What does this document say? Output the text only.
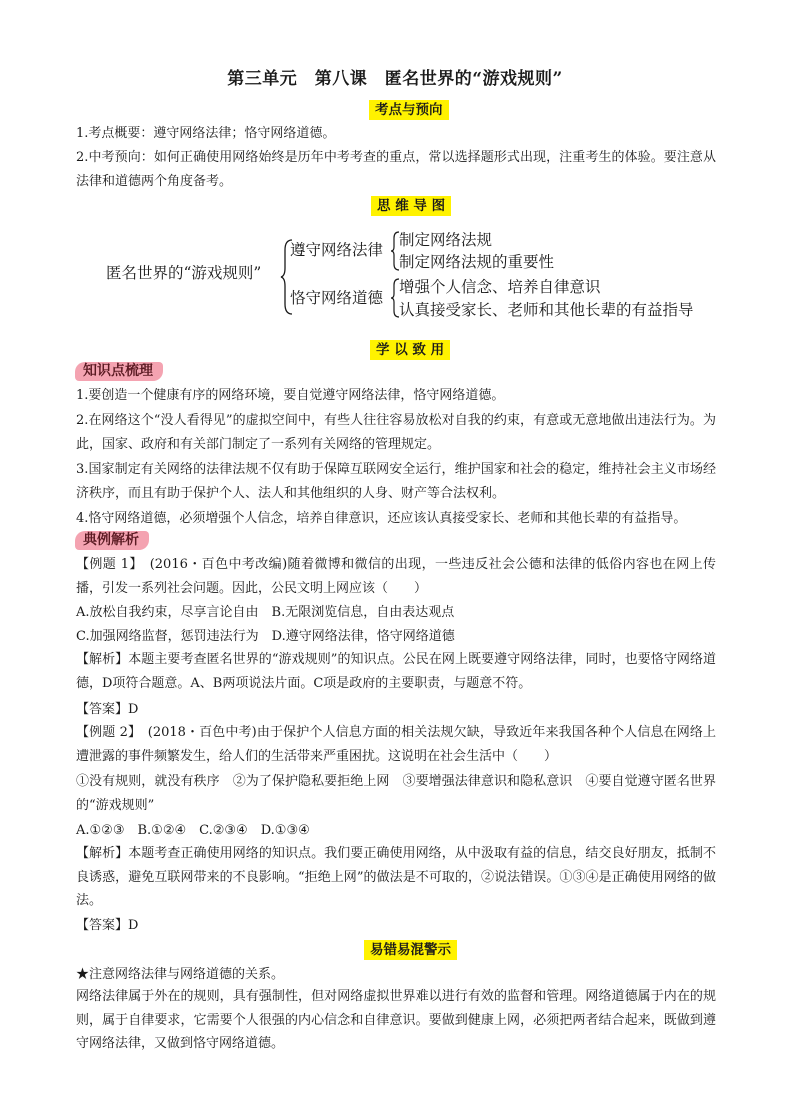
第三单元　第八课　匿名世界的“游戏规则”
考点与预向

1.考点概要：遵守网络法律；恪守网络道德。

2.中考预向：如何正确使用网络始终是历年中考考查的重点，常以选择题形式出现，注重考生的体验。要注意从法律和道德两个角度备考。

思 维 导 图
匿名世界的“游戏规则”
遵守网络法律
制定网络法规
制定网络法规的重要性
恪守网络道德
增强个人信念、培养自律意识
认真接受家长、老师和其他长辈的有益指导
学 以 致 用
知识点梳理

1.要创造一个健康有序的网络环境，要自觉遵守网络法律，恪守网络道德。

2.在网络这个“没人看得见”的虚拟空间中，有些人往往容易放松对自我的约束，有意或无意地做出违法行为。为此，国家、政府和有关部门制定了一系列有关网络的管理规定。

3.国家制定有关网络的法律法规不仅有助于保障互联网安全运行，维护国家和社会的稳定，维持社会主义市场经济秩序，而且有助于保护个人、法人和其他组织的人身、财产等合法权利。

4.恪守网络道德，必须增强个人信念，培养自律意识，还应该认真接受家长、老师和其他长辈的有益指导。

典例解析

【例题 1】　(2016・百色中考改编)随着微博和微信的出现，一些违反社会公德和法律的低俗内容也在网上传播，引发一系列社会问题。因此，公民文明上网应该（　　）

A.放松自我约束，尽享言论自由　B.无限浏览信息，自由表达观点
C.加强网络监督，惩罚违法行为　D.遵守网络法律，恪守网络道德

【解析】本题主要考查匿名世界的“游戏规则”的知识点。公民在网上既要遵守网络法律，同时，也要恪守网络道德，D项符合题意。A、B两项说法片面。C项是政府的主要职责，与题意不符。

【答案】D

【例题 2】　(2018・百色中考)由于保护个人信息方面的相关法规欠缺，导致近年来我国各种个人信息在网络上遭泄露的事件频繁发生，给人们的生活带来严重困扰。这说明在社会生活中（　　）

①没有规则，就没有秩序　②为了保护隐私要拒绝上网　③要增强法律意识和隐私意识　④要自觉遵守匿名世界的“游戏规则”

A.①②③　B.①②④　C.②③④　D.①③④

【解析】本题考查正确使用网络的知识点。我们要正确使用网络，从中汲取有益的信息，结交良好朋友，抵制不良诱惑，避免互联网带来的不良影响。“拒绝上网”的做法是不可取的，②说法错误。①③④是正确使用网络的做法。

【答案】D
易错易混警示
★注意网络法律与网络道德的关系。

网络法律属于外在的规则，具有强制性，但对网络虚拟世界难以进行有效的监督和管理。网络道德属于内在的规则，属于自律要求，它需要个人很强的内心信念和自律意识。要做到健康上网，必须把两者结合起来，既做到遵守网络法律，又做到恪守网络道德。
